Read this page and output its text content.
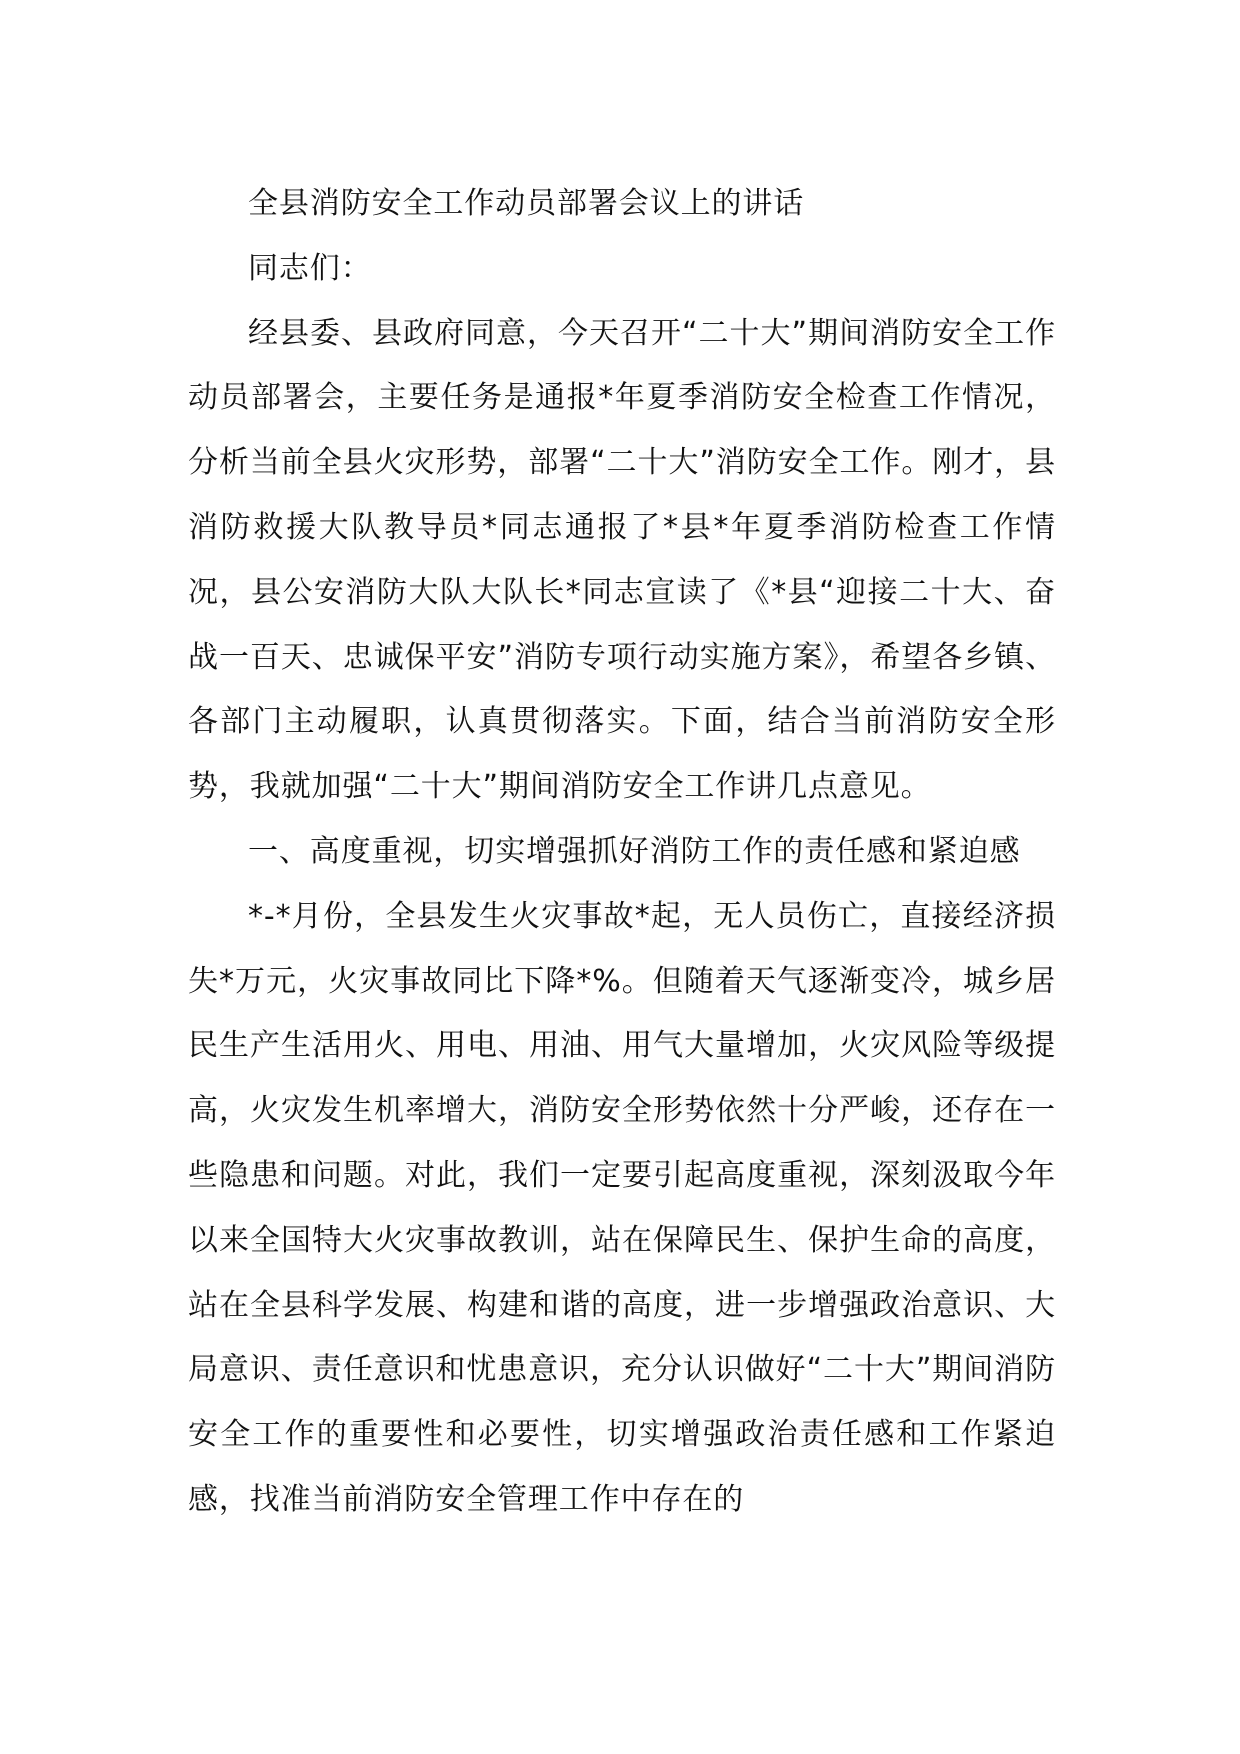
全县消防安全工作动员部署会议上的讲话

同志们：

经县委、县政府同意，今天召开“二十大”期间消防安全工作动员部署会，主要任务是通报*年夏季消防安全检查工作情况，分析当前全县火灾形势，部署“二十大”消防安全工作。刚才，县消防救援大队教导员*同志通报了*县*年夏季消防检查工作情况，县公安消防大队大队长*同志宣读了《*县“迎接二十大、奋战一百天、忠诚保平安”消防专项行动实施方案》，希望各乡镇、各部门主动履职，认真贯彻落实。下面，结合当前消防安全形势，我就加强“二十大”期间消防安全工作讲几点意见。

一、高度重视，切实增强抓好消防工作的责任感和紧迫感

*-*月份，全县发生火灾事故*起，无人员伤亡，直接经济损失*万元，火灾事故同比下降*%。但随着天气逐渐变冷，城乡居民生产生活用火、用电、用油、用气大量增加，火灾风险等级提高，火灾发生机率增大，消防安全形势依然十分严峻，还存在一些隐患和问题。对此，我们一定要引起高度重视，深刻汲取今年以来全国特大火灾事故教训，站在保障民生、保护生命的高度，站在全县科学发展、构建和谐的高度，进一步增强政治意识、大局意识、责任意识和忧患意识，充分认识做好“二十大”期间消防安全工作的重要性和必要性，切实增强政治责任感和工作紧迫感，找准当前消防安全管理工作中存在的
